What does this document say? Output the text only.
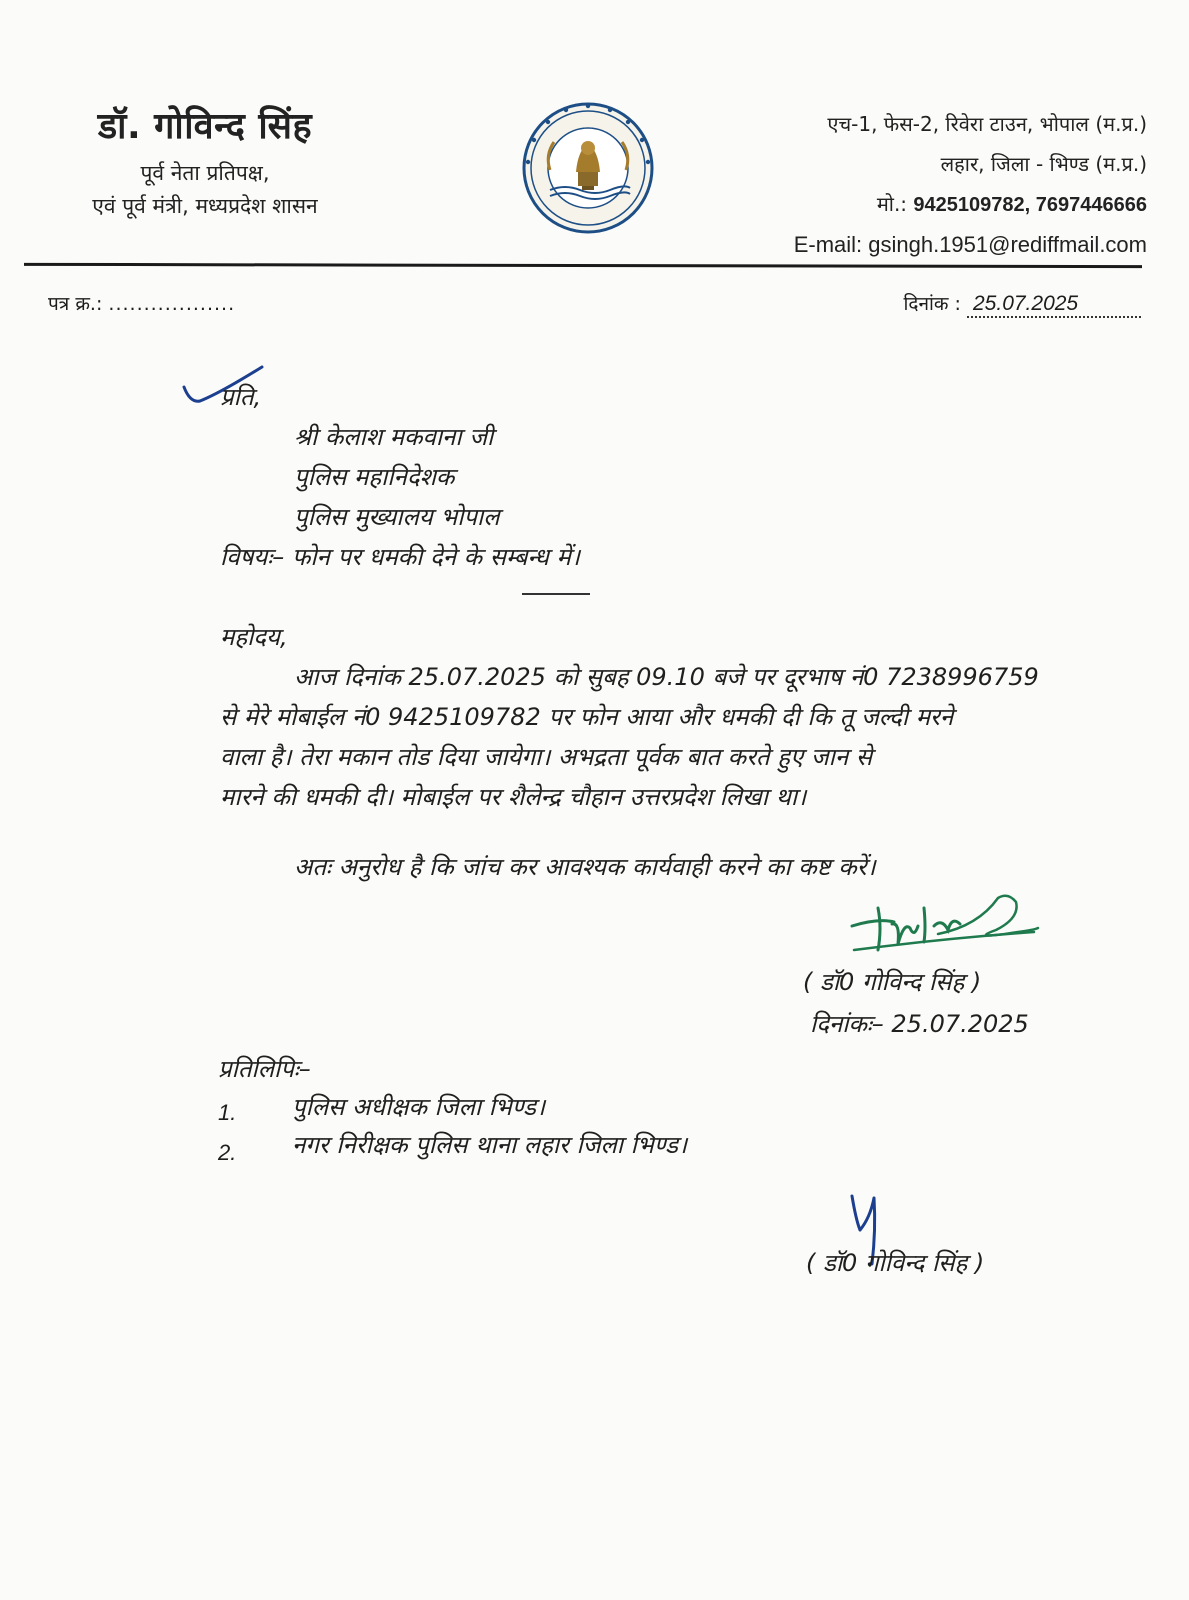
डॉ. गोविन्द सिंह
पूर्व नेता प्रतिपक्ष,
एवं पूर्व मंत्री, मध्यप्रदेश शासन
एच-1, फेस-2, रिवेरा टाउन, भोपाल (म.प्र.)
लहार, जिला - भिण्ड (म.प्र.)
मो.: 9425109782, 7697446666
E-mail: gsingh.1951@rediffmail.com
पत्र क्र.: ..................	दिनांक : 25.07.2025
प्रति,
श्री केलाश मकवाना जी
पुलिस महानिदेशक
पुलिस मुख्यालय भोपाल
विषयः– फोन पर धमकी देने के सम्बन्ध में।
महोदय,
आज दिनांक 25.07.2025 को सुबह 09.10 बजे पर दूरभाष नं0 7238996759
से मेरे मोबाईल नं0 9425109782 पर फोन आया और धमकी दी कि तू जल्दी मरने
वाला है। तेरा मकान तोड दिया जायेगा। अभद्रता पूर्वक बात करते हुए जान से
मारने की धमकी दी। मोबाईल पर शैलेन्द्र चौहान उत्तरप्रदेश लिखा था।
अतः अनुरोध है कि जांच कर आवश्यक कार्यवाही करने का कष्ट करें।
( डॉ0 गोविन्द सिंह )
दिनांकः– 25.07.2025
प्रतिलिपिः–
1. पुलिस अधीक्षक जिला भिण्ड।
2. नगर निरीक्षक पुलिस थाना लहार जिला भिण्ड।
( डॉ0 गोविन्द सिंह )
